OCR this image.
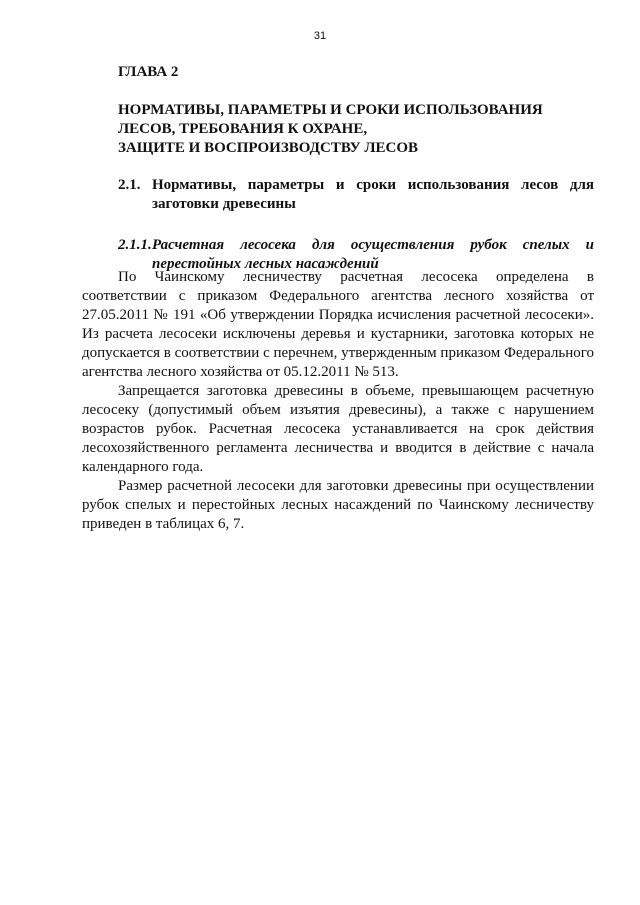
31
ГЛАВА 2
НОРМАТИВЫ, ПАРАМЕТРЫ И СРОКИ ИСПОЛЬЗОВАНИЯ
ЛЕСОВ, ТРЕБОВАНИЯ К ОХРАНЕ,
ЗАЩИТЕ И ВОСПРОИЗВОДСТВУ ЛЕСОВ
2.1. Нормативы, параметры и сроки использования лесов для заготовки древесины
2.1.1. Расчетная лесосека для осуществления рубок спелых и перестойных лесных насаждений

По Чаинскому лесничеству расчетная лесосека определена в соответствии с приказом Федерального агентства лесного хозяйства от 27.05.2011 № 191 «Об утверждении Порядка исчисления расчетной лесосеки». Из расчета лесосеки исключены деревья и кустарники, заготовка которых не допускается в соответствии с перечнем, утвержденным приказом Федерального агентства лесного хозяйства от 05.12.2011 № 513.

Запрещается заготовка древесины в объеме, превышающем расчетную лесосеку (допустимый объем изъятия древесины), а также с нарушением возрастов рубок. Расчетная лесосека устанавливается на срок действия лесохозяйственного регламента лесничества и вводится в действие с начала календарного года.

Размер расчетной лесосеки для заготовки древесины при осуществлении рубок спелых и перестойных лесных насаждений по Чаинскому лесничеству приведен в таблицах 6, 7.
